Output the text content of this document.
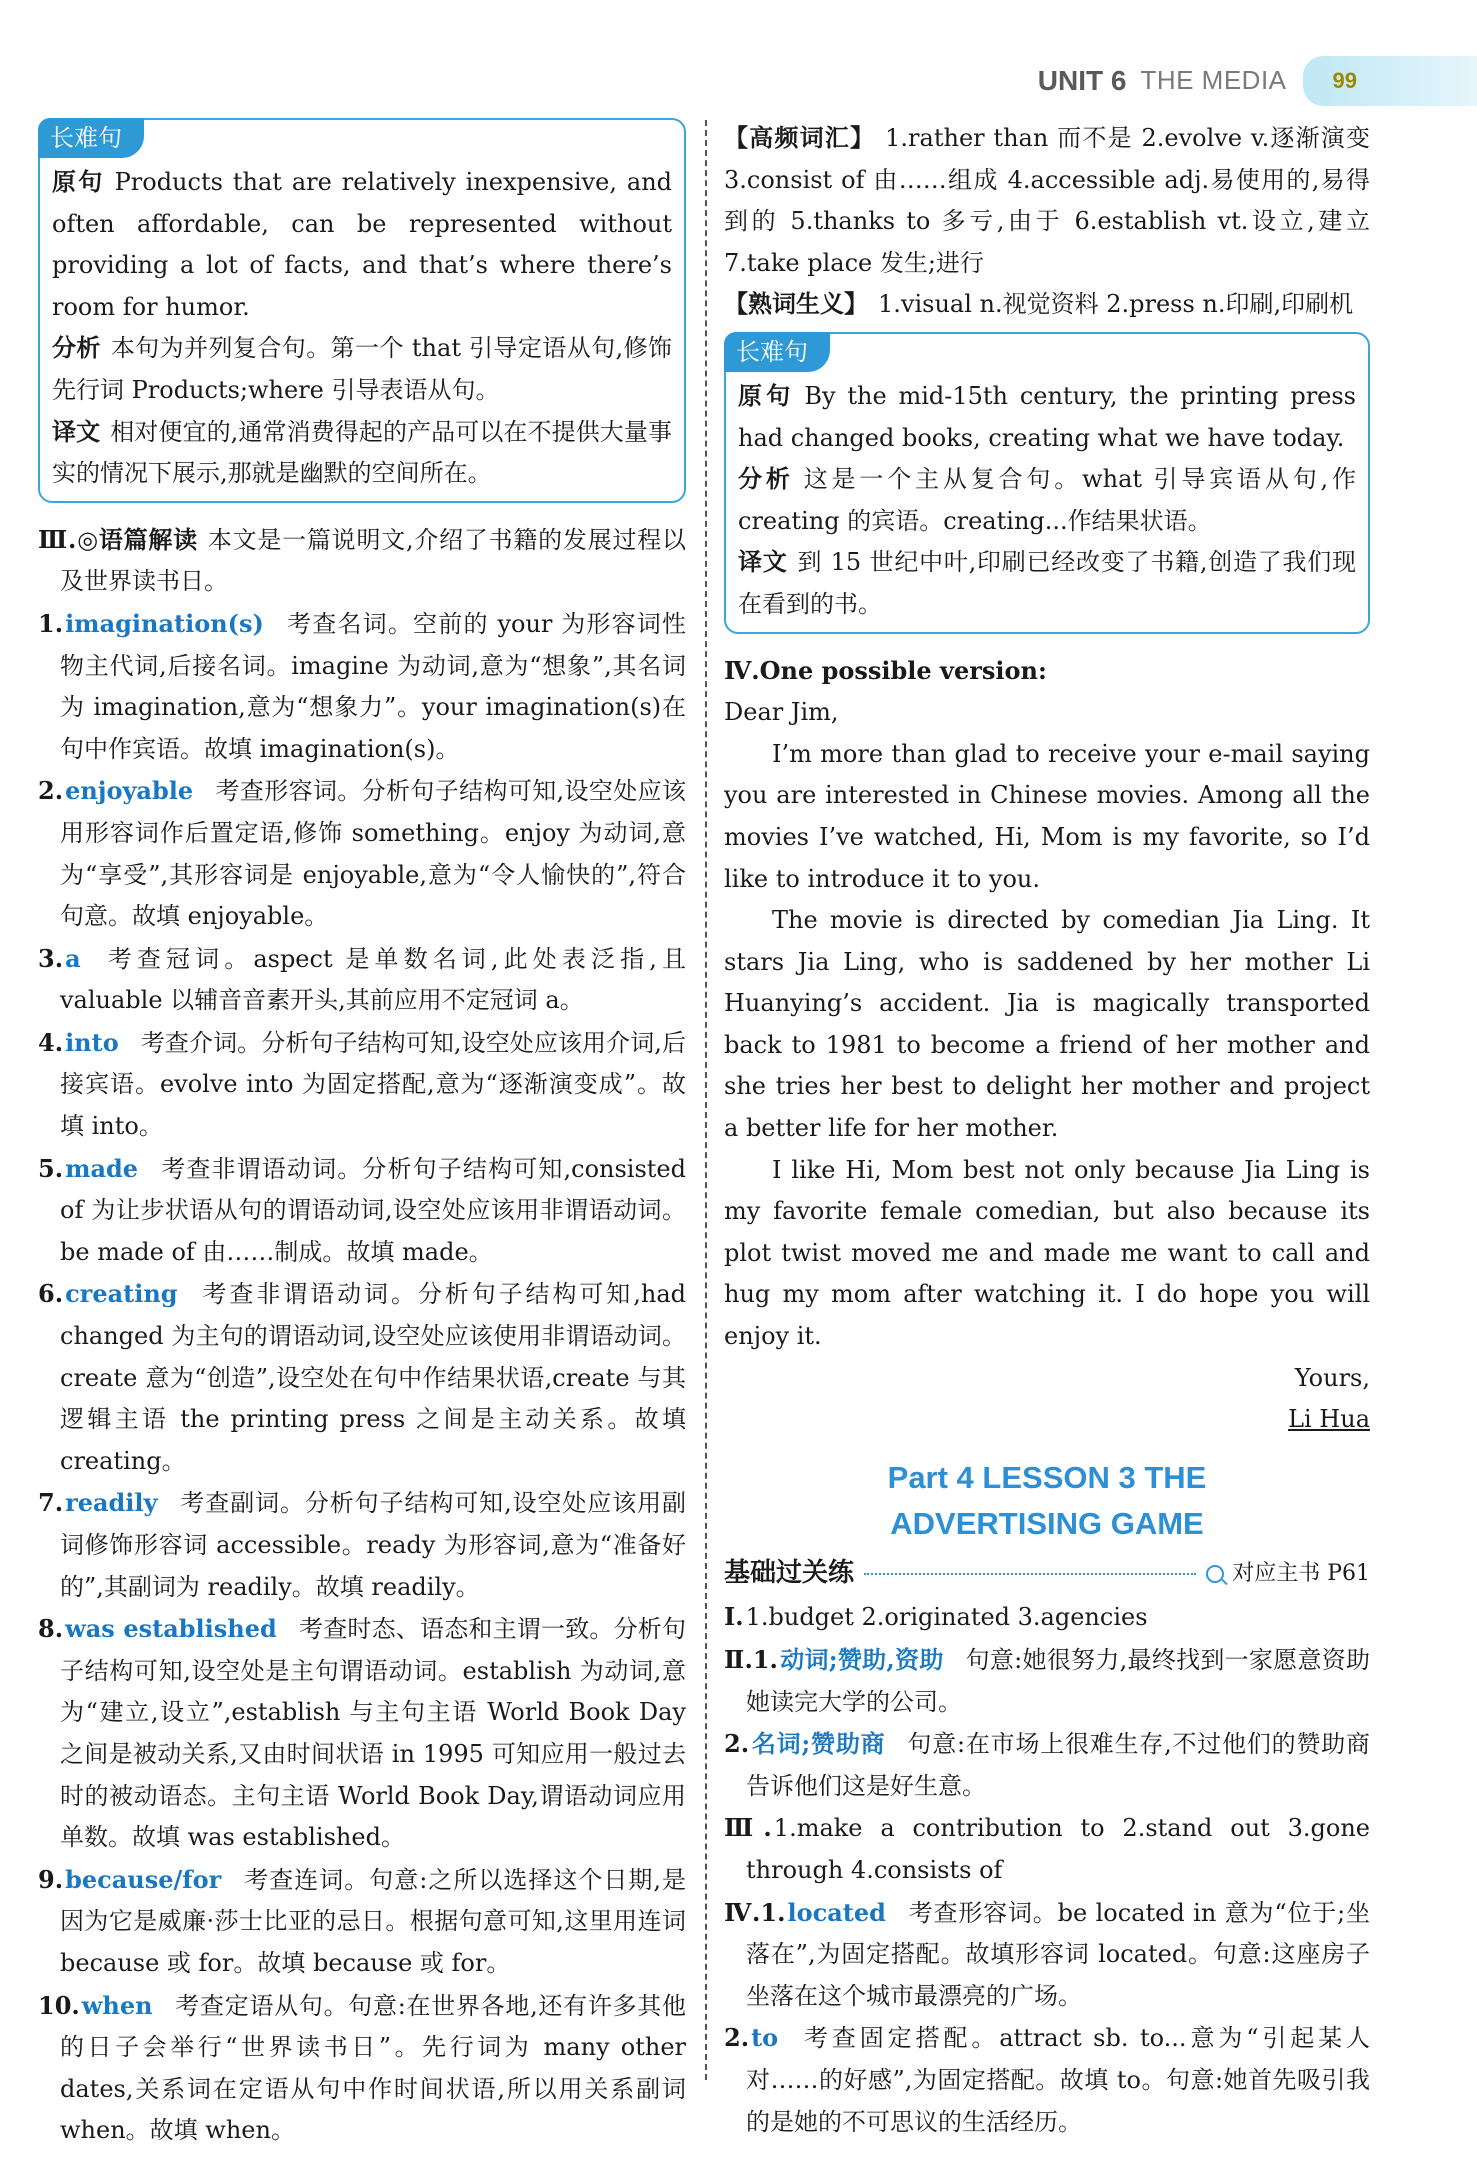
UNIT 6 THE MEDIA	99
长难句

原句 Products that are relatively inexpensive, and often affordable, can be represented without providing a lot of facts, and that’s where there’s room for humor.

分析 本句为并列复合句。第一个 that 引导定语从句,修饰先行词 Products;where 引导表语从句。

译文 相对便宜的,通常消费得起的产品可以在不提供大量事实的情况下展示,那就是幽默的空间所在。

Ⅲ.◎语篇解读 本文是一篇说明文,介绍了书籍的发展过程以及世界读书日。

1.imagination(s) 考查名词。空前的 your 为形容词性物主代词,后接名词。imagine 为动词,意为“想象”,其名词为 imagination,意为“想象力”。your imagination(s)在句中作宾语。故填 imagination(s)。

2.enjoyable 考查形容词。分析句子结构可知,设空处应该用形容词作后置定语,修饰 something。enjoy 为动词,意为“享受”,其形容词是 enjoyable,意为“令人愉快的”,符合句意。故填 enjoyable。

3.a 考查冠词。aspect 是单数名词,此处表泛指,且 valuable 以辅音音素开头,其前应用不定冠词 a。

4.into 考查介词。分析句子结构可知,设空处应该用介词,后接宾语。evolve into 为固定搭配,意为“逐渐演变成”。故填 into。

5.made 考查非谓语动词。分析句子结构可知,consisted of 为让步状语从句的谓语动词,设空处应该用非谓语动词。be made of 由……制成。故填 made。

6.creating 考查非谓语动词。分析句子结构可知,had changed 为主句的谓语动词,设空处应该使用非谓语动词。create 意为“创造”,设空处在句中作结果状语,create 与其逻辑主语 the printing press 之间是主动关系。故填 creating。

7.readily 考查副词。分析句子结构可知,设空处应该用副词修饰形容词 accessible。ready 为形容词,意为“准备好的”,其副词为 readily。故填 readily。

8.was established 考查时态、语态和主谓一致。分析句子结构可知,设空处是主句谓语动词。establish 为动词,意为“建立,设立”,establish 与主句主语 World Book Day 之间是被动关系,又由时间状语 in 1995 可知应用一般过去时的被动语态。主句主语 World Book Day,谓语动词应用单数。故填 was established。

9.because/for 考查连词。句意:之所以选择这个日期,是因为它是威廉·莎士比亚的忌日。根据句意可知,这里用连词 because 或 for。故填 because 或 for。

10.when 考查定语从句。句意:在世界各地,还有许多其他的日子会举行“世界读书日”。先行词为 many other dates,关系词在定语从句中作时间状语,所以用关系副词 when。故填 when。

【高频词汇】 1.rather than 而不是 2.evolve v.逐渐演变 3.consist of 由……组成 4.accessible adj.易使用的,易得到的 5.thanks to 多亏,由于 6.establish vt.设立,建立 7.take place 发生;进行

【熟词生义】 1.visual n.视觉资料 2.press n.印刷,印刷机

长难句

原句 By the mid-15th century, the printing press had changed books, creating what we have today.

分析 这是一个主从复合句。what 引导宾语从句,作 creating 的宾语。creating...作结果状语。

译文 到 15 世纪中叶,印刷已经改变了书籍,创造了我们现在看到的书。

Ⅳ.One possible version:

Dear Jim,

I’m more than glad to receive your e-mail saying you are interested in Chinese movies. Among all the movies I’ve watched, Hi, Mom is my favorite, so I’d like to introduce it to you.

The movie is directed by comedian Jia Ling. It stars Jia Ling, who is saddened by her mother Li Huanying’s accident. Jia is magically transported back to 1981 to become a friend of her mother and she tries her best to delight her mother and project a better life for her mother.

I like Hi, Mom best not only because Jia Ling is my favorite female comedian, but also because its plot twist moved me and made me want to call and hug my mom after watching it. I do hope you will enjoy it.

Yours,

Li Hua

Part 4 LESSON 3 THE
ADVERTISING GAME
基础过关练	对应主书 P61

Ⅰ.1.budget 2.originated 3.agencies

Ⅱ.1.动词;赞助,资助 句意:她很努力,最终找到一家愿意资助她读完大学的公司。

2.名词;赞助商 句意:在市场上很难生存,不过他们的赞助商告诉他们这是好生意。

Ⅲ.1.make a contribution to 2.stand out 3.gone through 4.consists of

Ⅳ.1.located 考查形容词。be located in 意为“位于;坐落在”,为固定搭配。故填形容词 located。句意:这座房子坐落在这个城市最漂亮的广场。

2.to 考查固定搭配。attract sb. to...意为“引起某人对……的好感”,为固定搭配。故填 to。句意:她首先吸引我的是她的不可思议的生活经历。
